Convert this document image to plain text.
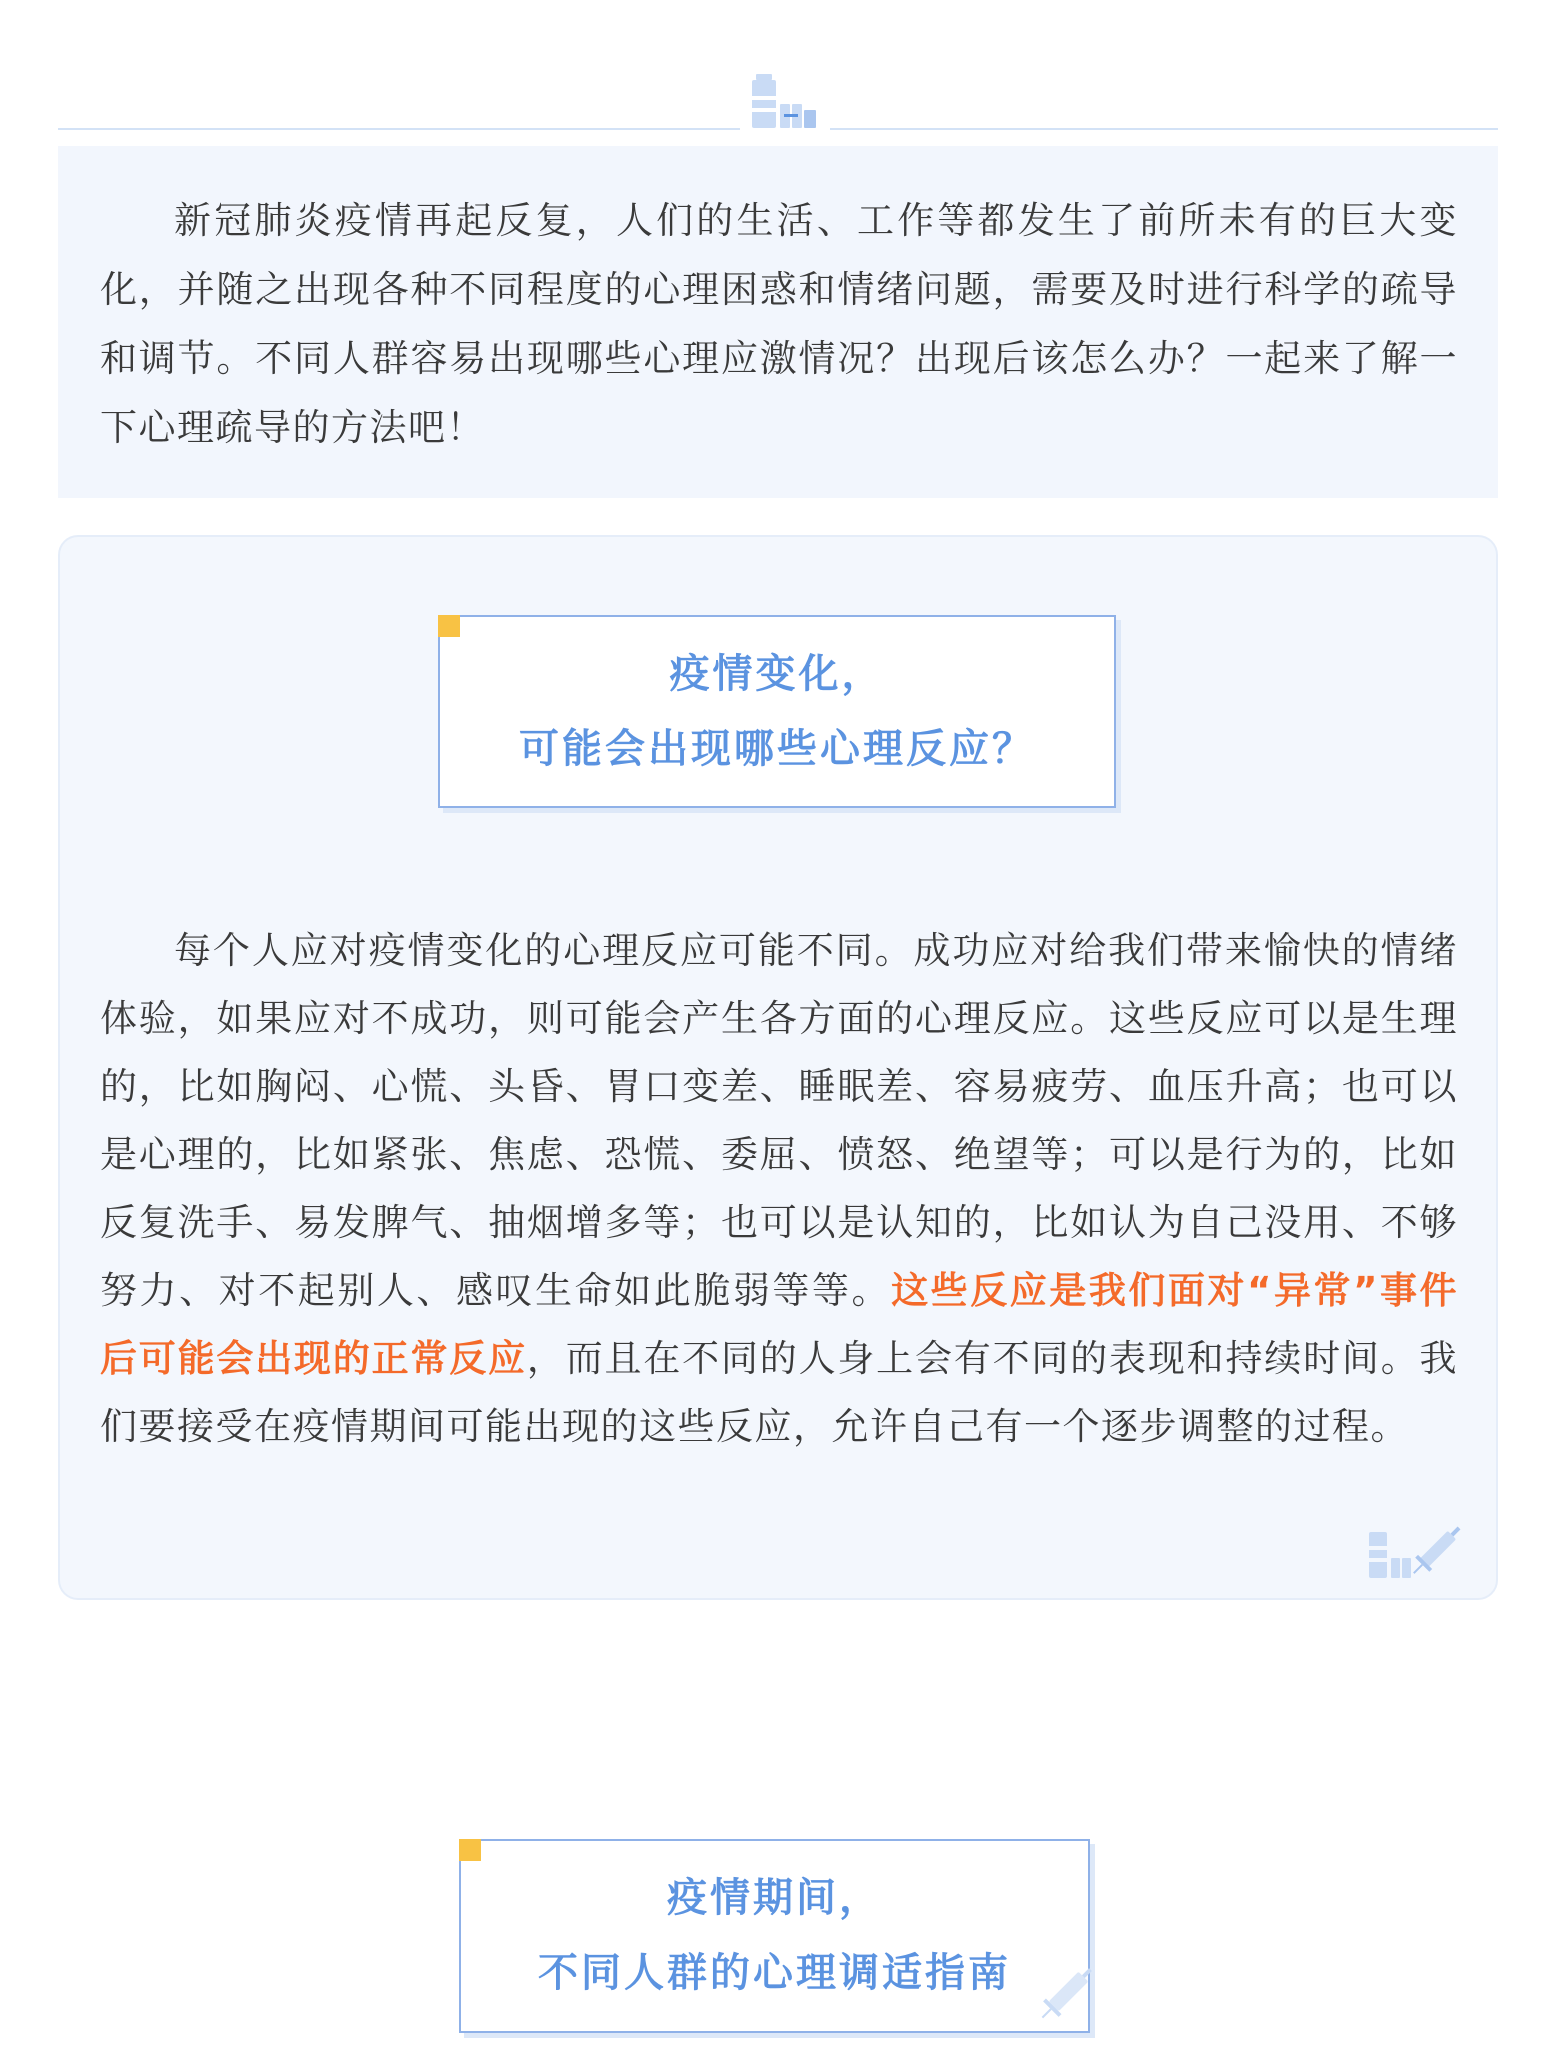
新冠肺炎疫情再起反复，人们的生活、工作等都发生了前所未有的巨大变化，并随之出现各种不同程度的心理困惑和情绪问题，需要及时进行科学的疏导和调节。不同人群容易出现哪些心理应激情况？出现后该怎么办？一起来了解一下心理疏导的方法吧！

疫情变化，
可能会出现哪些心理反应？

每个人应对疫情变化的心理反应可能不同。成功应对给我们带来愉快的情绪体验，如果应对不成功，则可能会产生各方面的心理反应。这些反应可以是生理的，比如胸闷、心慌、头昏、胃口变差、睡眠差、容易疲劳、血压升高；也可以是心理的，比如紧张、焦虑、恐慌、委屈、愤怒、绝望等；可以是行为的，比如反复洗手、易发脾气、抽烟增多等；也可以是认知的，比如认为自己没用、不够努力、对不起别人、感叹生命如此脆弱等等。这些反应是我们面对“异常”事件后可能会出现的正常反应，而且在不同的人身上会有不同的表现和持续时间。我们要接受在疫情期间可能出现的这些反应，允许自己有一个逐步调整的过程。

疫情期间，
不同人群的心理调适指南
